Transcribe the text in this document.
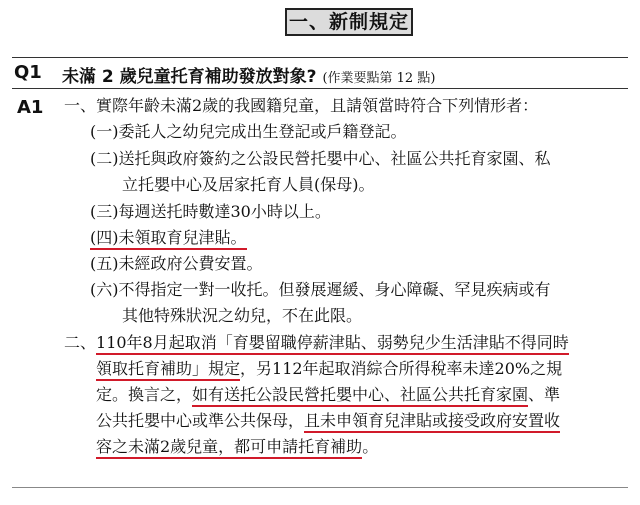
一、新制規定
Q1 未滿 2 歲兒童托育補助發放對象? (作業要點第 12 點)
A1 一、實際年齡未滿2歲的我國籍兒童，且請領當時符合下列情形者：
(一)委託人之幼兒完成出生登記或戶籍登記。
(二)送托與政府簽約之公設民營托嬰中心、社區公共托育家園、私
立托嬰中心及居家托育人員(保母)。
(三)每週送托時數達30小時以上。
(四)未領取育兒津貼。
(五)未經政府公費安置。
(六)不得指定一對一收托。但發展遲緩、身心障礙、罕見疾病或有
其他特殊狀況之幼兒，不在此限。
二、110年8月起取消「育嬰留職停薪津貼、弱勢兒少生活津貼不得同時
領取托育補助」規定，另112年起取消綜合所得稅率未達20%之規
定。換言之，如有送托公設民營托嬰中心、社區公共托育家園、準
公共托嬰中心或準公共保母，且未申領育兒津貼或接受政府安置收
容之未滿2歲兒童，都可申請托育補助。
